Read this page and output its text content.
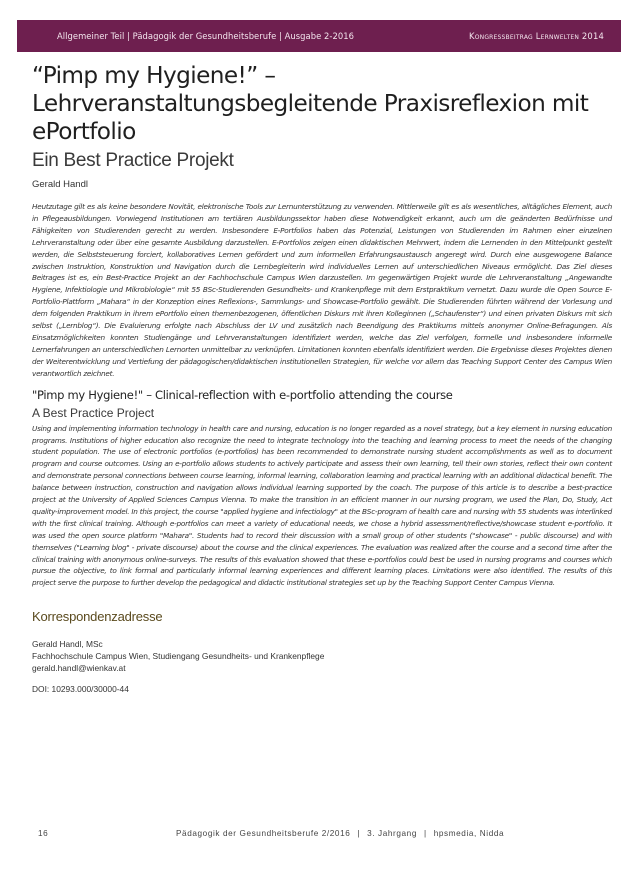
Allgemeiner Teil | Pädagogik der Gesundheitsberufe | Ausgabe 2-2016	Kongressbeitrag Lernwelten 2014
“Pimp my Hygiene!” – Lehrveranstaltungsbegleitende Praxisreflexion mit ePortfolio
Ein Best Practice Projekt
Gerald Handl

Heutzutage gilt es als keine besondere Novität, elektronische Tools zur Lernunterstützung zu verwenden. Mittlerweile gilt es als wesentliches, alltägliches Element, auch in Pflegeausbildungen. Vorwiegend Institutionen am tertiären Ausbildungssektor haben diese Notwendigkeit erkannt, auch um die geänderten Bedürfnisse und Fähigkeiten von Studierenden gerecht zu werden. Insbesondere E-Portfolios haben das Potenzial, Leistungen von Studierenden im Rahmen einer einzelnen Lehrveranstaltung oder über eine gesamte Ausbildung darzustellen. E-Portfolios zeigen einen didaktischen Mehrwert, indem die Lernenden in den Mittelpunkt gestellt werden, die Selbststeuerung forciert, kollaboratives Lernen gefördert und zum informellen Erfahrungsaustausch angeregt wird. Durch eine ausgewogene Balance zwischen Instruktion, Konstruktion und Navigation durch die Lernbegleiterin wird individuelles Lernen auf unterschiedlichen Niveaus ermöglicht. Das Ziel dieses Beitrages ist es, ein Best-Practice Projekt an der Fachhochschule Campus Wien darzustellen. Im gegenwärtigen Projekt wurde die Lehrveranstaltung „Angewandte Hygiene, Infektiologie und Mikrobiologie“ mit 55 BSc-Studierenden Gesundheits- und Krankenpflege mit dem Erstpraktikum vernetzt. Dazu wurde die Open Source E-Portfolio-Plattform „Mahara“ in der Konzeption eines Reflexions-, Sammlungs- und Showcase-Portfolio gewählt. Die Studierenden führten während der Vorlesung und dem folgenden Praktikum in ihrem ePortfolio einen themenbezogenen, öffentlichen Diskurs mit ihren Kolleginnen („Schaufenster“) und einen privaten Diskurs mit sich selbst („Lernblog“). Die Evaluierung erfolgte nach Abschluss der LV und zusätzlich nach Beendigung des Praktikums mittels anonymer Online-Befragungen. Als Einsatzmöglichkeiten konnten Studiengänge und Lehrveranstaltungen identifiziert werden, welche das Ziel verfolgen, formelle und insbesondere informelle Lernerfahrungen an unterschiedlichen Lernorten unmittelbar zu verknüpfen. Limitationen konnten ebenfalls identifiziert werden. Die Ergebnisse dieses Projektes dienen der Weiterentwicklung und Vertiefung der pädagogischen/didaktischen institutionellen Strategien, für welche vor allem das Teaching Support Center des Campus Wien verantwortlich zeichnet.

"Pimp my Hygiene!" – Clinical-reflection with e-portfolio attending the course
A Best Practice Project

Using and implementing information technology in health care and nursing, education is no longer regarded as a novel strategy, but a key element in nursing education programs. Institutions of higher education also recognize the need to integrate technology into the teaching and learning process to meet the needs of the changing student population. The use of electronic portfolios (e-portfolios) has been recommended to demonstrate nursing student accomplishments as well as to document program and course outcomes. Using an e-portfolio allows students to actively participate and assess their own learning, tell their own stories, reflect their own content and demonstrate personal connections between course learning, informal learning, collaboration learning and practical learning with an additional didactical benefit. The balance between instruction, construction and navigation allows individual learning supported by the coach. The purpose of this article is to describe a best-practice project at the University of Applied Sciences Campus Vienna. To make the transition in an efficient manner in our nursing program, we used the Plan, Do, Study, Act quality-improvement model. In this project, the course "applied hygiene and infectiology" at the BSc-program of health care and nursing with 55 students was interlinked with the first clinical training. Although e-portfolios can meet a variety of educational needs, we chose a hybrid assessment/reflective/showcase student e-portfolio. It was used the open source platform "Mahara". Students had to record their discussion with a small group of other students ("showcase" - public discourse) and with themselves ("Learning blog" - private discourse) about the course and the clinical experiences. The evaluation was realized after the course and a second time after the clinical training with anonymous online-surveys. The results of this evaluation showed that these e-portfolios could best be used in nursing programs and courses which pursue the objective, to link formal and particularly informal learning experiences and different learning places. Limitations were also identified. The results of this project serve the purpose to further develop the pedagogical and didactic institutional strategies set up by the Teaching Support Center Campus Vienna.

Korrespondenzadresse
Gerald Handl, MSc
Fachhochschule Campus Wien, Studiengang Gesundheits- und Krankenpflege
gerald.handl@wienkav.at
DOI: 10293.000/30000-44
16	Pädagogik der Gesundheitsberufe 2/2016 | 3. Jahrgang | hpsmedia, Nidda
